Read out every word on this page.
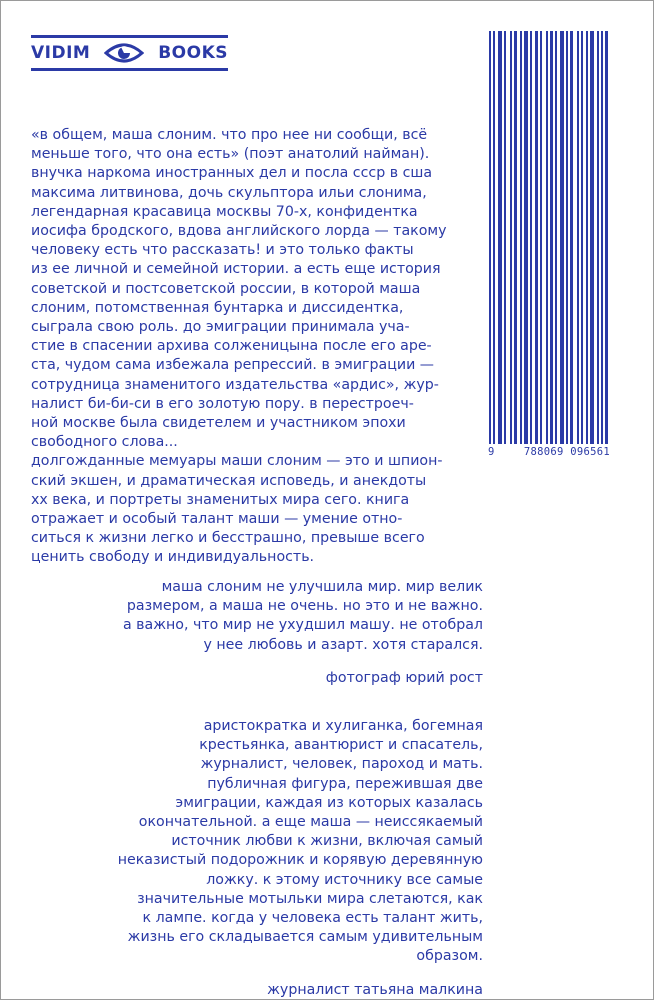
VIDIM	BOOKS
9	788069 096561

«в общем, маша слоним. что про нее ни сообщи, всё
меньше того, что она есть» (поэт анатолий найман).
внучка наркома иностранных дел и посла ссср в сша
максима литвинова, дочь скульптора ильи слонима,
легендарная красавица москвы 70-х, конфидентка
иосифа бродского, вдова английского лорда — такому
человеку есть что рассказать! и это только факты
из ее личной и семейной истории. а есть еще история
советской и постсоветской россии, в которой маша
слоним, потомственная бунтарка и диссидентка,
сыграла свою роль. до эмиграции принимала уча-
стие в спасении архива солженицына после его аре-
ста, чудом сама избежала репрессий. в эмиграции —
сотрудница знаменитого издательства «ардис», жур-
налист би-би-си в его золотую пору. в перестроеч-
ной москве была свидетелем и участником эпохи
свободного слова...

долгожданные мемуары маши слоним — это и шпион-
ский экшен, и драматическая исповедь, и анекдоты
xx века, и портреты знаменитых мира сего. книга
отражает и особый талант маши — умение отно-
ситься к жизни легко и бесстрашно, превыше всего
ценить свободу и индивидуальность.

маша слоним не улучшила мир. мир велик
размером, а маша не очень. но это и не важно.
а важно, что мир не ухудшил машу. не отобрал
у нее любовь и азарт. хотя старался.

фотограф юрий рост

аристократка и хулиганка, богемная
крестьянка, авантюрист и спасатель,
журналист, человек, пароход и мать.
публичная фигура, пережившая две
эмиграции, каждая из которых казалась
окончательной. а еще маша — неиссякаемый
источник любви к жизни, включая самый
неказистый подорожник и корявую деревянную
ложку. к этому источнику все самые
значительные мотыльки мира слетаются, как
к лампе. когда у человека есть талант жить,
жизнь его складывается самым удивительным
образом.

журналист татьяна малкина
